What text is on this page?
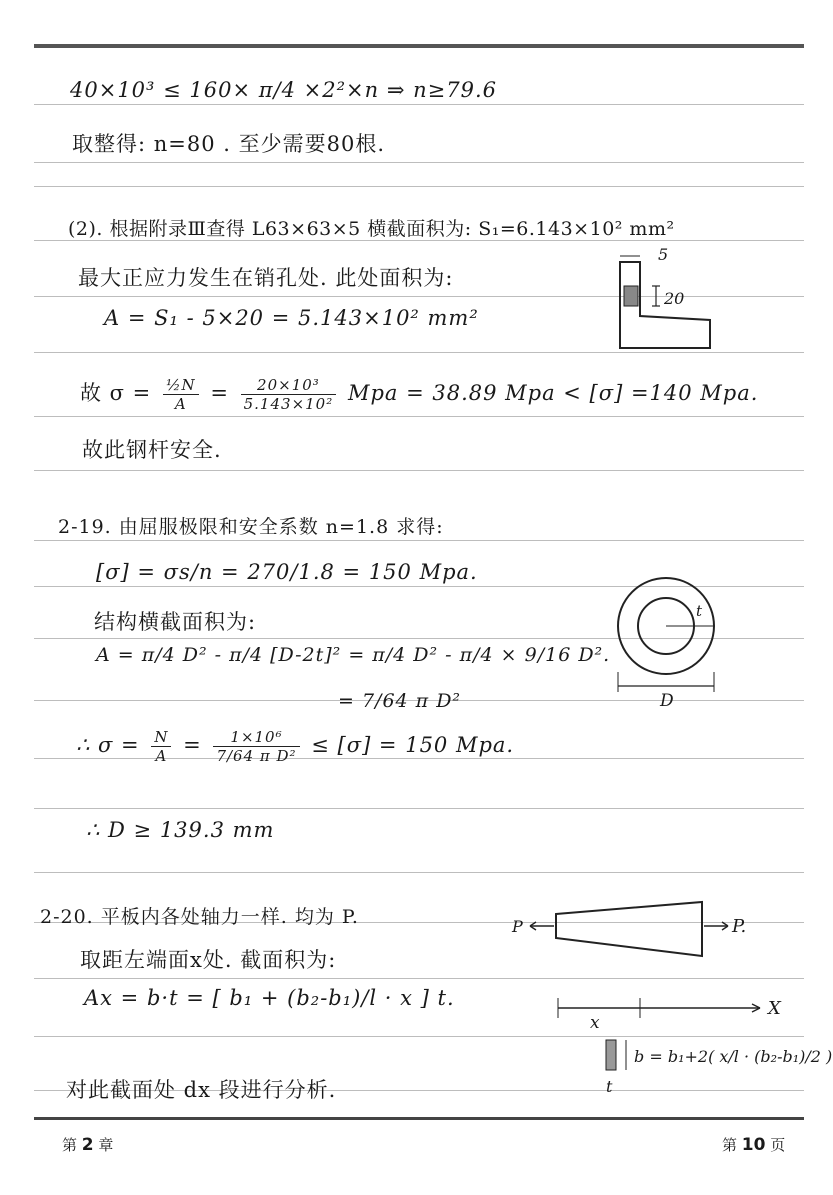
40×10³ ≤ 160× π/4 ×2²×n ⇒ n≥79.6
取整得: n=80 . 至少需要80根.
(2). 根据附录Ⅲ查得 L63×63×5 横截面积为: S₁=6.143×10² mm²
最大正应力发生在销孔处. 此处面积为:
A = S₁ - 5×20 = 5.143×10² mm²
故 $\sigma = \frac{\text{½N}}{A} = \frac{\text{20×10³}}{\text{5.143×10²}}$ Mpa = 38.89 Mpa < [σ] =140 Mpa.
故此钢杆安全.
2-19. 由屈服极限和安全系数 n=1.8 求得:
[σ] = σs/n = 270/1.8 = 150 Mpa.
结构横截面积为:
A = π/4 D² - π/4 [D-2t]² = π/4 D² - π/4 × 9/16 D².
= 7/64 π D²
∴ $\sigma = \frac{N}{A} = \frac{\text{1×10⁶}}{\text{7/64 π D²}} \le [\sigma] = 150$ Mpa.
∴ D ≥ 139.3 mm
2-20. 平板内各处轴力一样. 均为 P.
取距左端面x处. 截面积为:
Ax = b·t = [ b₁ + (b₂-b₁)/l · x ] t.
对此截面处 dx 段进行分析.
5
20
t
D
P	P.
x
X
t
b = b₁+2( x/l · (b₂-b₁)/2 )
第 2 章	第 10 页
